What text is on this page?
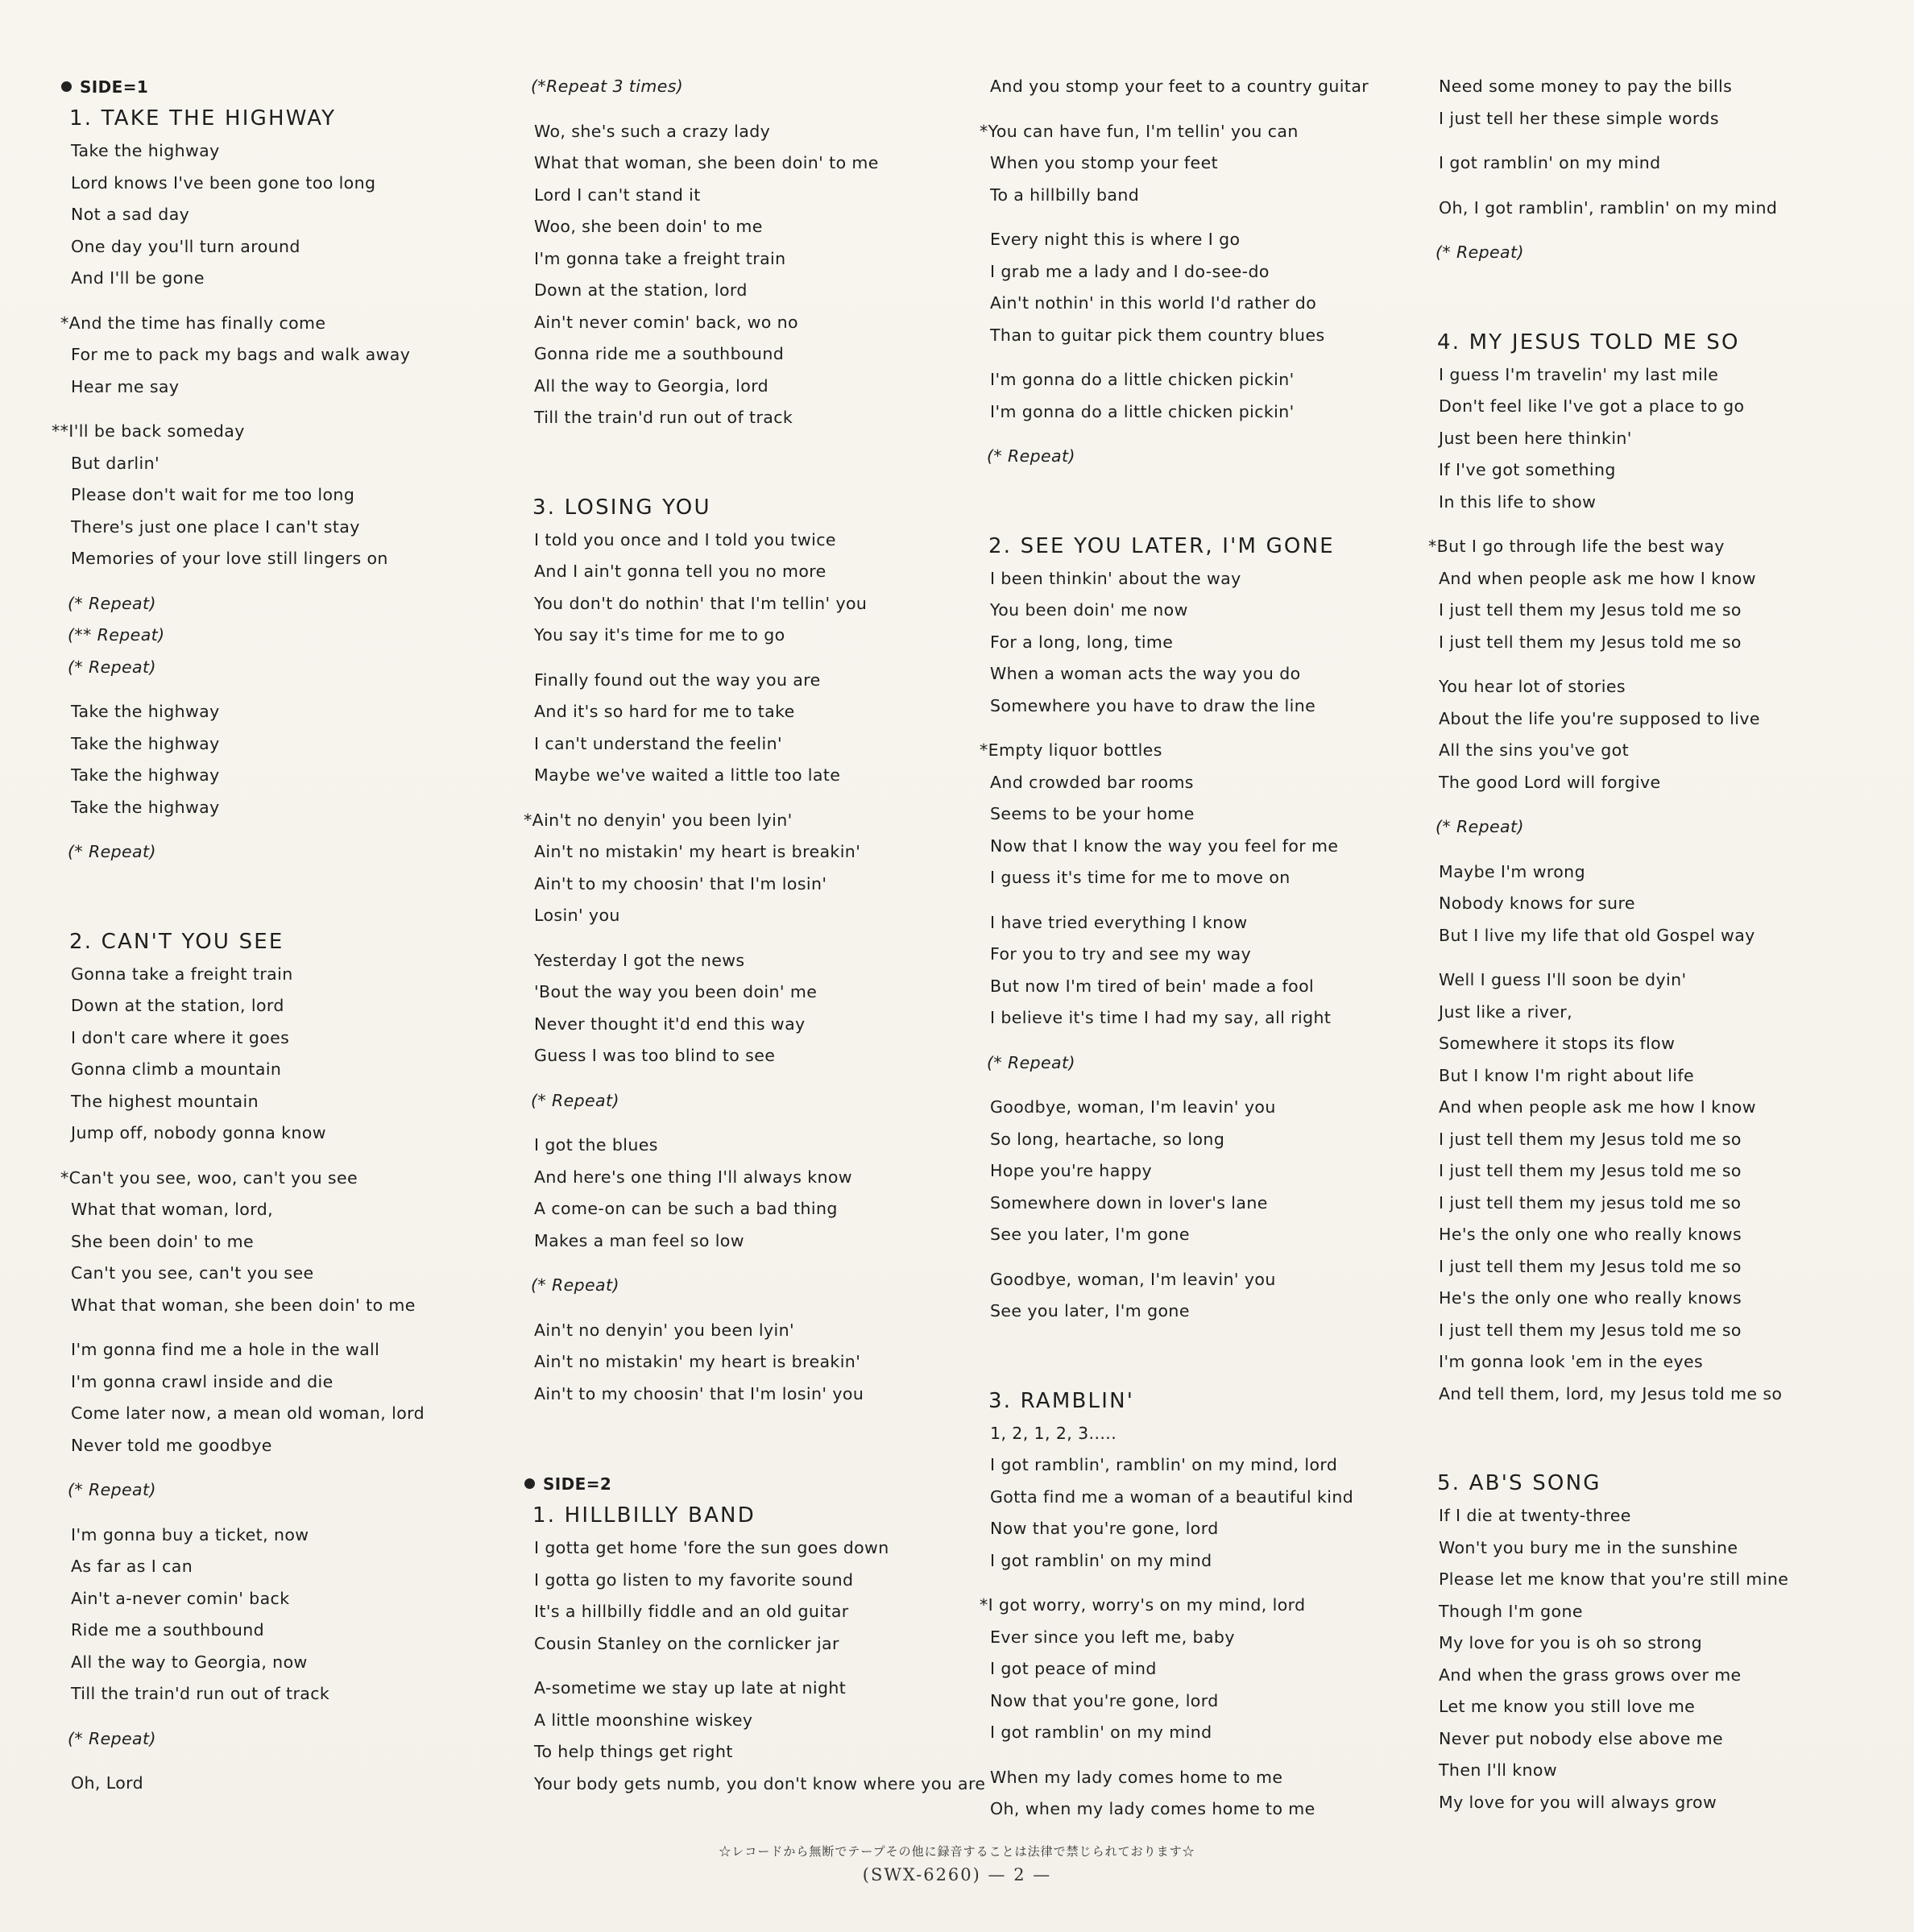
SIDE=1
1. TAKE THE HIGHWAY
Take the highway
Lord knows I've been gone too long
Not a sad day
One day you'll turn around
And I'll be gone
*And the time has finally come
For me to pack my bags and walk away
Hear me say
**I'll be back someday
But darlin'
Please don't wait for me too long
There's just one place I can't stay
Memories of your love still lingers on
(* Repeat)
(** Repeat)
(* Repeat)
Take the highway
Take the highway
Take the highway
Take the highway
(* Repeat)
2. CAN'T YOU SEE
Gonna take a freight train
Down at the station, lord
I don't care where it goes
Gonna climb a mountain
The highest mountain
Jump off, nobody gonna know
*Can't you see, woo, can't you see
What that woman, lord,
She been doin' to me
Can't you see, can't you see
What that woman, she been doin' to me
I'm gonna find me a hole in the wall
I'm gonna crawl inside and die
Come later now, a mean old woman, lord
Never told me goodbye
(* Repeat)
I'm gonna buy a ticket, now
As far as I can
Ain't a-never comin' back
Ride me a southbound
All the way to Georgia, now
Till the train'd run out of track
(* Repeat)
Oh, Lord
(*Repeat 3 times)
Wo, she's such a crazy lady
What that woman, she been doin' to me
Lord I can't stand it
Woo, she been doin' to me
I'm gonna take a freight train
Down at the station, lord
Ain't never comin' back, wo no
Gonna ride me a southbound
All the way to Georgia, lord
Till the train'd run out of track
3. LOSING YOU
I told you once and I told you twice
And I ain't gonna tell you no more
You don't do nothin' that I'm tellin' you
You say it's time for me to go
Finally found out the way you are
And it's so hard for me to take
I can't understand the feelin'
Maybe we've waited a little too late
*Ain't no denyin' you been lyin'
Ain't no mistakin' my heart is breakin'
Ain't to my choosin' that I'm losin'
Losin' you
Yesterday I got the news
'Bout the way you been doin' me
Never thought it'd end this way
Guess I was too blind to see
(* Repeat)
I got the blues
And here's one thing I'll always know
A come-on can be such a bad thing
Makes a man feel so low
(* Repeat)
Ain't no denyin' you been lyin'
Ain't no mistakin' my heart is breakin'
Ain't to my choosin' that I'm losin' you
SIDE=2
1. HILLBILLY BAND
I gotta get home 'fore the sun goes down
I gotta go listen to my favorite sound
It's a hillbilly fiddle and an old guitar
Cousin Stanley on the cornlicker jar
A-sometime we stay up late at night
A little moonshine wiskey
To help things get right
Your body gets numb, you don't know where you are
And you stomp your feet to a country guitar
*You can have fun, I'm tellin' you can
When you stomp your feet
To a hillbilly band
Every night this is where I go
I grab me a lady and I do-see-do
Ain't nothin' in this world I'd rather do
Than to guitar pick them country blues
I'm gonna do a little chicken pickin'
I'm gonna do a little chicken pickin'
(* Repeat)
2. SEE YOU LATER, I'M GONE
I been thinkin' about the way
You been doin' me now
For a long, long, time
When a woman acts the way you do
Somewhere you have to draw the line
*Empty liquor bottles
And crowded bar rooms
Seems to be your home
Now that I know the way you feel for me
I guess it's time for me to move on
I have tried everything I know
For you to try and see my way
But now I'm tired of bein' made a fool
I believe it's time I had my say, all right
(* Repeat)
Goodbye, woman, I'm leavin' you
So long, heartache, so long
Hope you're happy
Somewhere down in lover's lane
See you later, I'm gone
Goodbye, woman, I'm leavin' you
See you later, I'm gone
3. RAMBLIN'
1, 2, 1, 2, 3.....
I got ramblin', ramblin' on my mind, lord
Gotta find me a woman of a beautiful kind
Now that you're gone, lord
I got ramblin' on my mind
*I got worry, worry's on my mind, lord
Ever since you left me, baby
I got peace of mind
Now that you're gone, lord
I got ramblin' on my mind
When my lady comes home to me
Oh, when my lady comes home to me
Need some money to pay the bills
I just tell her these simple words
I got ramblin' on my mind
Oh, I got ramblin', ramblin' on my mind
(* Repeat)
4. MY JESUS TOLD ME SO
I guess I'm travelin' my last mile
Don't feel like I've got a place to go
Just been here thinkin'
If I've got something
In this life to show
*But I go through life the best way
And when people ask me how I know
I just tell them my Jesus told me so
I just tell them my Jesus told me so
You hear lot of stories
About the life you're supposed to live
All the sins you've got
The good Lord will forgive
(* Repeat)
Maybe I'm wrong
Nobody knows for sure
But I live my life that old Gospel way
Well I guess I'll soon be dyin'
Just like a river,
Somewhere it stops its flow
But I know I'm right about life
And when people ask me how I know
I just tell them my Jesus told me so
I just tell them my Jesus told me so
I just tell them my jesus told me so
He's the only one who really knows
I just tell them my Jesus told me so
He's the only one who really knows
I just tell them my Jesus told me so
I'm gonna look 'em in the eyes
And tell them, lord, my Jesus told me so
5. AB'S SONG
If I die at twenty-three
Won't you bury me in the sunshine
Please let me know that you're still mine
Though I'm gone
My love for you is oh so strong
And when the grass grows over me
Let me know you still love me
Never put nobody else above me
Then I'll know
My love for you will always grow
☆レコードから無断でテープその他に録音することは法律で禁じられております☆
(SWX-6260) — 2 —
